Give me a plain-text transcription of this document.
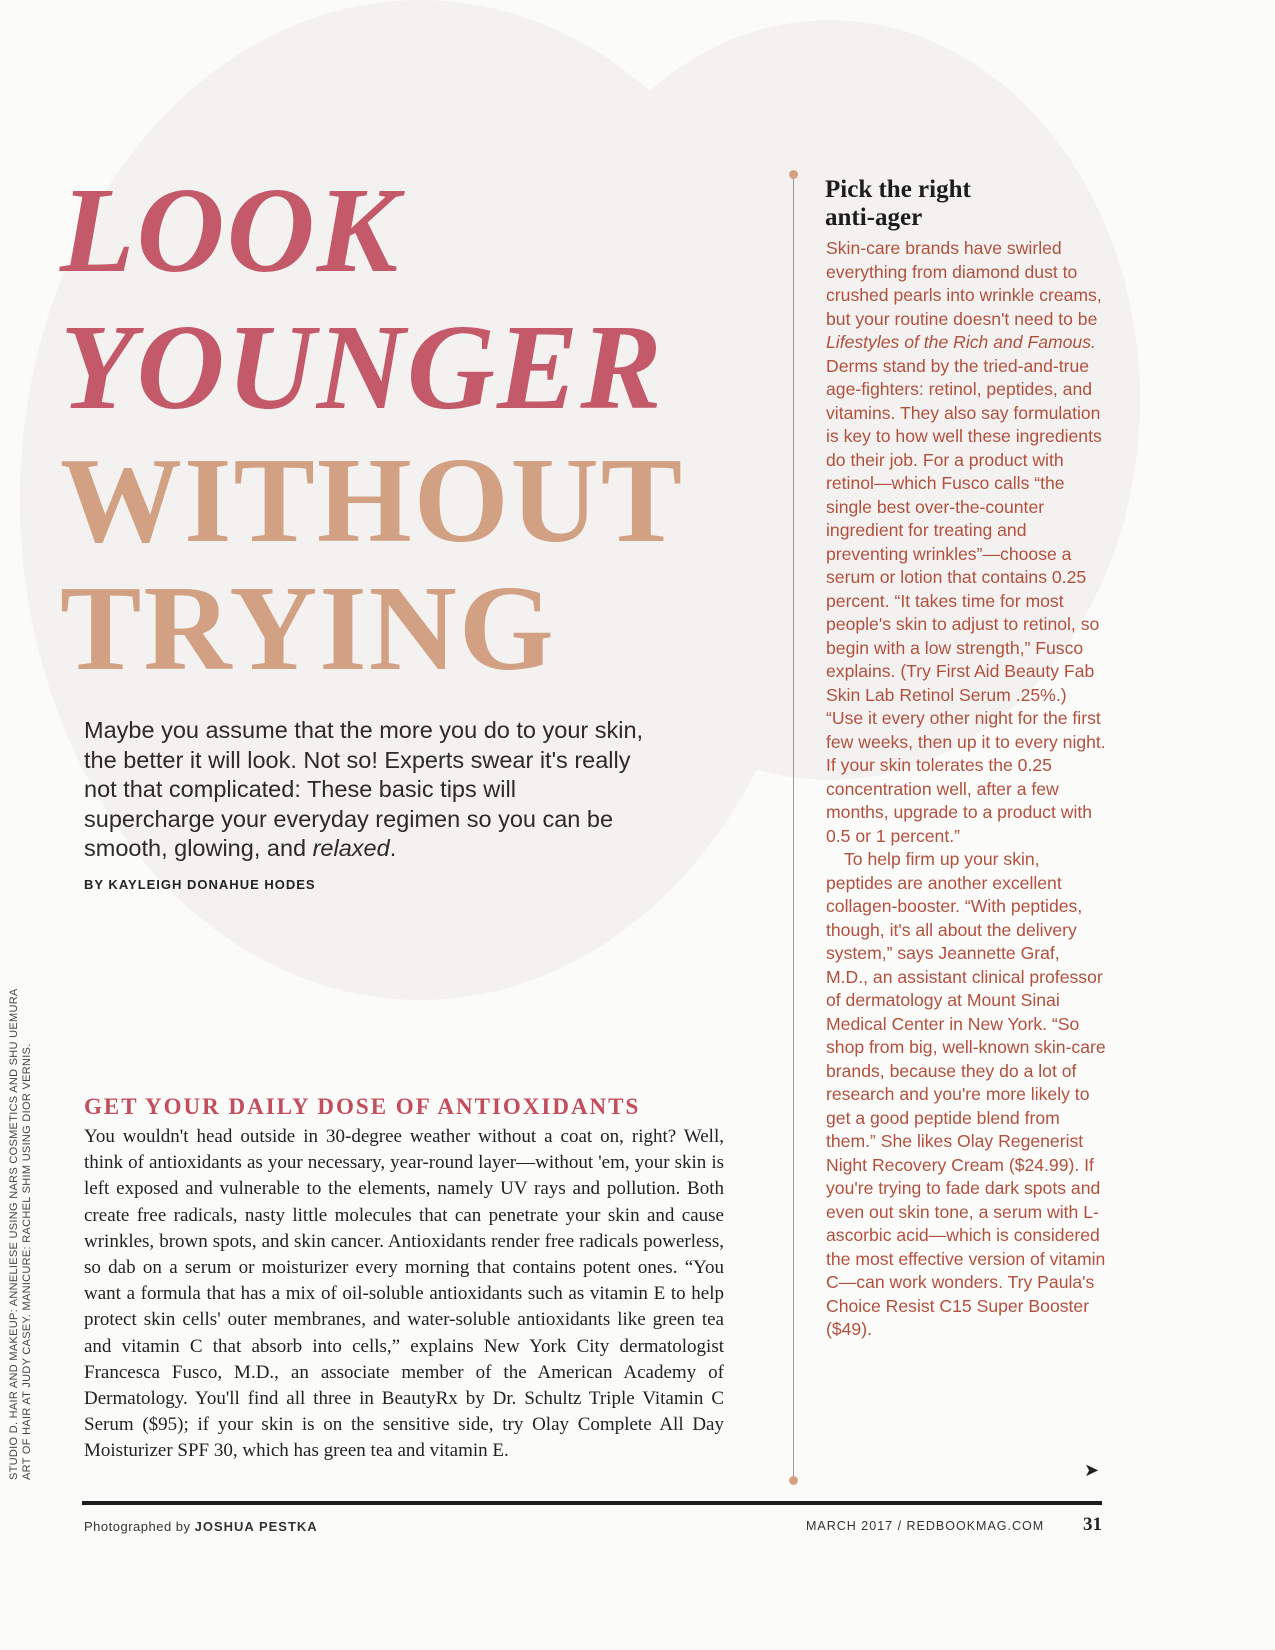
LOOK
YOUNGER
WITHOUT
TRYING

Maybe you assume that the more you do to your skin, the better it will look. Not so! Experts swear it's really not that complicated: These basic tips will supercharge your everyday regimen so you can be smooth, glowing, and relaxed.

BY KAYLEIGH DONAHUE HODES
STUDIO D. HAIR AND MAKEUP: ANNELIESE USING NARS COSMETICS AND SHU UEMURA ART OF HAIR AT JUDY CASEY. MANICURE: RACHEL SHIM USING DIOR VERNIS. GET YOUR DAILY DOSE OF ANTIOXIDANTS

You wouldn't head outside in 30-degree weather without a coat on, right? Well, think of antioxidants as your necessary, year-round layer—without 'em, your skin is left exposed and vulnerable to the elements, namely UV rays and pollution. Both create free radicals, nasty little molecules that can penetrate your skin and cause wrinkles, brown spots, and skin cancer. Antioxidants render free radicals powerless, so dab on a serum or moisturizer every morning that contains potent ones. “You want a formula that has a mix of oil-soluble antioxidants such as vitamin E to help protect skin cells' outer membranes, and water-soluble antioxidants like green tea and vitamin C that absorb into cells,” explains New York City dermatologist Francesca Fusco, M.D., an associate member of the American Academy of Dermatology. You'll find all three in BeautyRx by Dr. Schultz Triple Vitamin C Serum ($95); if your skin is on the sensitive side, try Olay Complete All Day Moisturizer SPF 30, which has green tea and vitamin E.

Pick the right anti-ager

Skin-care brands have swirled everything from diamond dust to crushed pearls into wrinkle creams, but your routine doesn't need to be Lifestyles of the Rich and Famous. Derms stand by the tried-and-true age-fighters: retinol, peptides, and vitamins. They also say formulation is key to how well these ingredients do their job. For a product with retinol—which Fusco calls “the single best over-the-counter ingredient for treating and preventing wrinkles”—choose a serum or lotion that contains 0.25 percent. “It takes time for most people's skin to adjust to retinol, so begin with a low strength,” Fusco explains. (Try First Aid Beauty Fab Skin Lab Retinol Serum .25%.) “Use it every other night for the first few weeks, then up it to every night. If your skin tolerates the 0.25 concentration well, after a few months, upgrade to a product with 0.5 or 1 percent.”

To help firm up your skin, peptides are another excellent collagen-booster. “With peptides, though, it's all about the delivery system,” says Jeannette Graf, M.D., an assistant clinical professor of dermatology at Mount Sinai Medical Center in New York. “So shop from big, well-known skin-care brands, because they do a lot of research and you're more likely to get a good peptide blend from them.” She likes Olay Regenerist Night Recovery Cream ($24.99). If you're trying to fade dark spots and even out skin tone, a serum with L-ascorbic acid—which is considered the most effective version of vitamin C—can work wonders. Try Paula's Choice Resist C15 Super Booster ($49).

➤
Photographed by JOSHUA PESTKA	MARCH 2017 / REDBOOKMAG.COM 31
